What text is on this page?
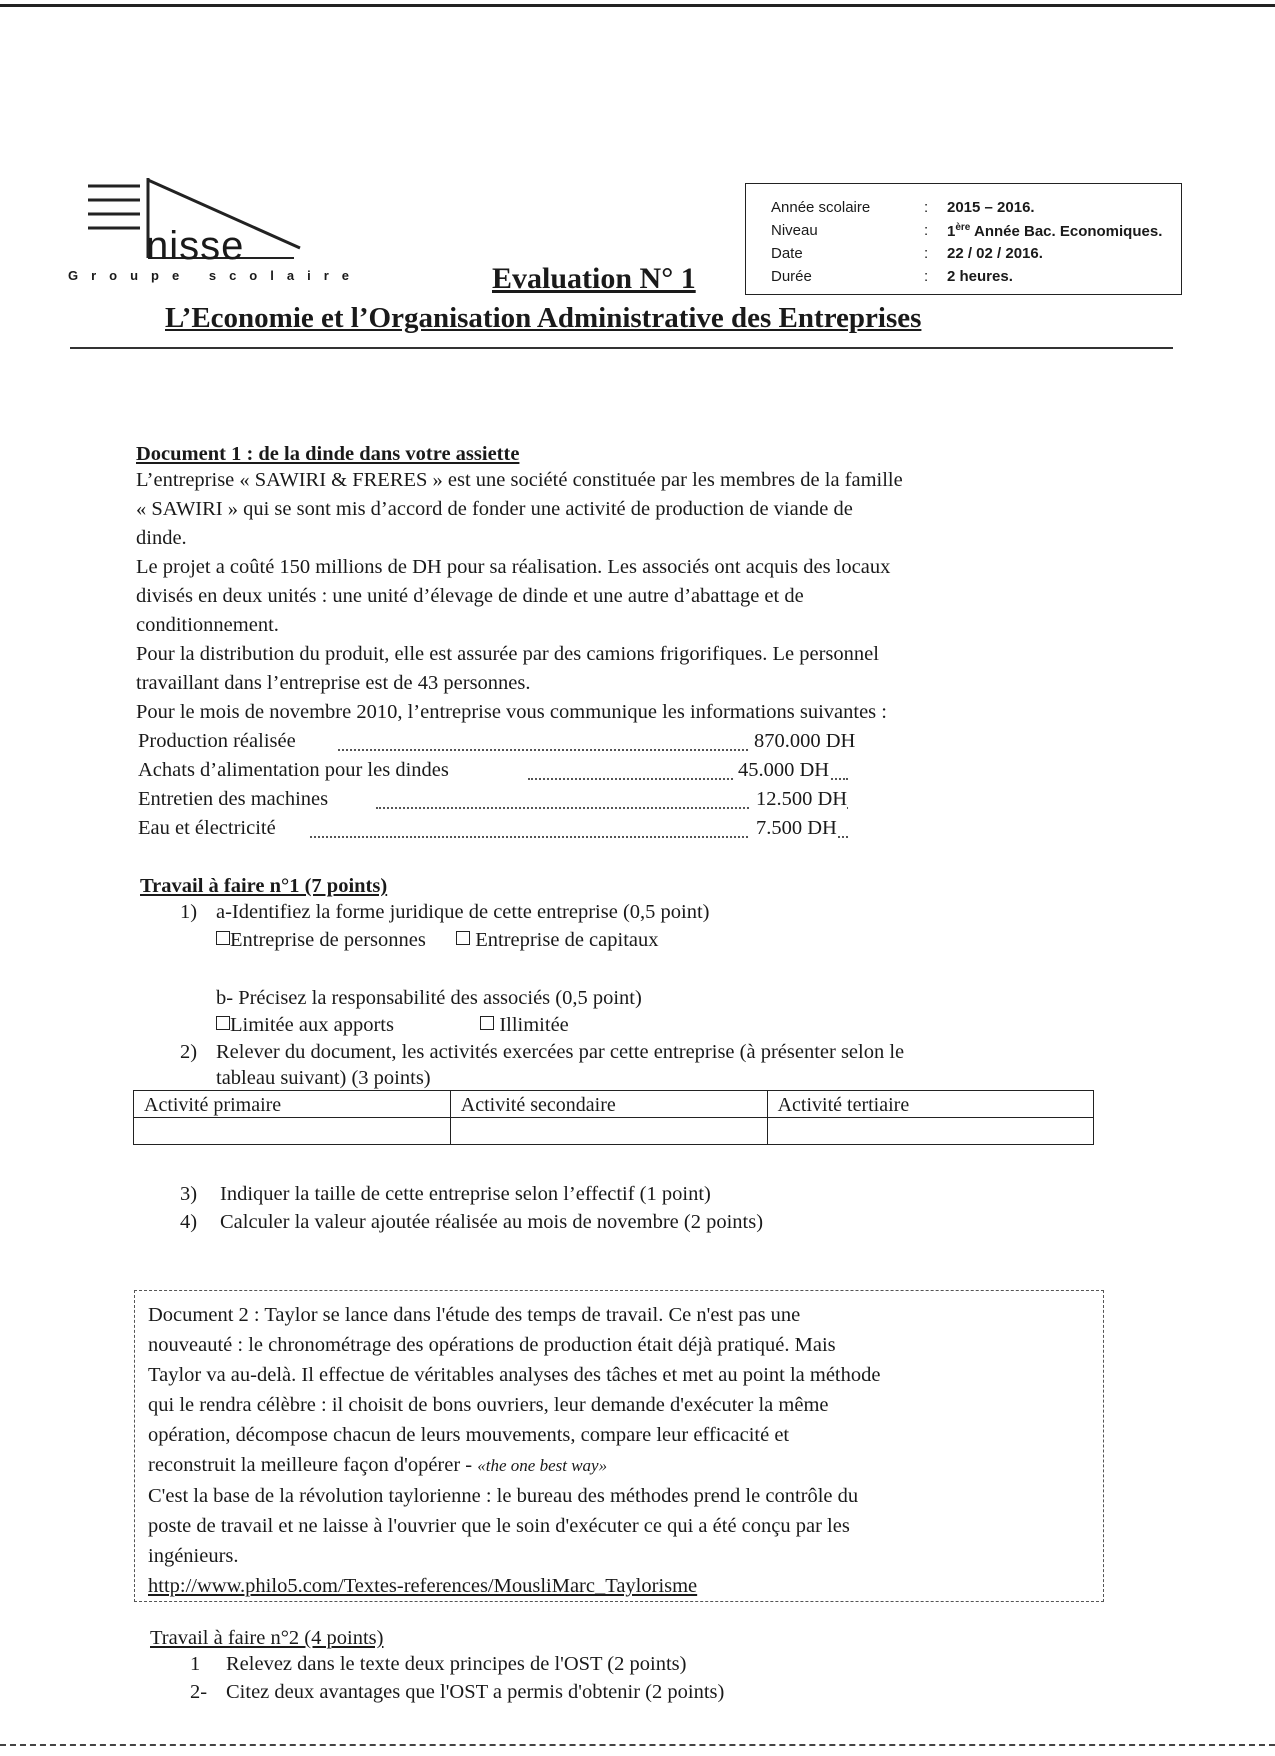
nisse
Groupe scolaire
Année scolaire	: 2015 – 2016.
Niveau	: 1ère Année Bac. Economiques.
Date	: 22 / 02 / 2016.
Durée	: 2 heures.
Evaluation N° 1
L’Economie et l’Organisation Administrative des Entreprises
Document 1 : de la dinde dans votre assiette
L’entreprise « SAWIRI & FRERES » est une société constituée par les membres de la famille
« SAWIRI » qui se sont mis d’accord de fonder une activité de production de viande de
dinde.
Le projet a coûté 150 millions de DH pour sa réalisation. Les associés ont acquis des locaux
divisés en deux unités : une unité d’élevage de dinde et une autre d’abattage et de
conditionnement.
Pour la distribution du produit, elle est assurée par des camions frigorifiques. Le personnel
travaillant dans l’entreprise est de 43 personnes.
Pour le mois de novembre 2010, l’entreprise vous communique les informations suivantes :
Production réalisée	870.000 DH
Achats d’alimentation pour les dindes	45.000 DH
Entretien des machines	12.500 DH
Eau et électricité	7.500 DH
Travail à faire n°1 (7 points)
1) a-Identifiez la forme juridique de cette entreprise (0,5 point)
Entreprise de personnes Entreprise de capitaux
b- Précisez la responsabilité des associés (0,5 point)
Limitée aux apports	Illimitée
2) Relever du document, les activités exercées par cette entreprise (à présenter selon le
tableau suivant) (3 points)
Activité primaire	Activité secondaire	Activité tertiaire

3) Indiquer la taille de cette entreprise selon l’effectif (1 point)
4) Calculer la valeur ajoutée réalisée au mois de novembre (2 points)
Document 2 : Taylor se lance dans l'étude des temps de travail. Ce n'est pas une
nouveauté : le chronométrage des opérations de production était déjà pratiqué. Mais
Taylor va au-delà. Il effectue de véritables analyses des tâches et met au point la méthode
qui le rendra célèbre : il choisit de bons ouvriers, leur demande d'exécuter la même
opération, décompose chacun de leurs mouvements, compare leur efficacité et
reconstruit la meilleure façon d'opérer - «the one best way»
C'est la base de la révolution taylorienne : le bureau des méthodes prend le contrôle du
poste de travail et ne laisse à l'ouvrier que le soin d'exécuter ce qui a été conçu par les
ingénieurs.
http://www.philo5.com/Textes-references/MousliMarc_Taylorisme
Travail à faire n°2 (4 points)
1 Relevez dans le texte deux principes de l'OST (2 points)
2- Citez deux avantages que l'OST a permis d'obtenir (2 points)
